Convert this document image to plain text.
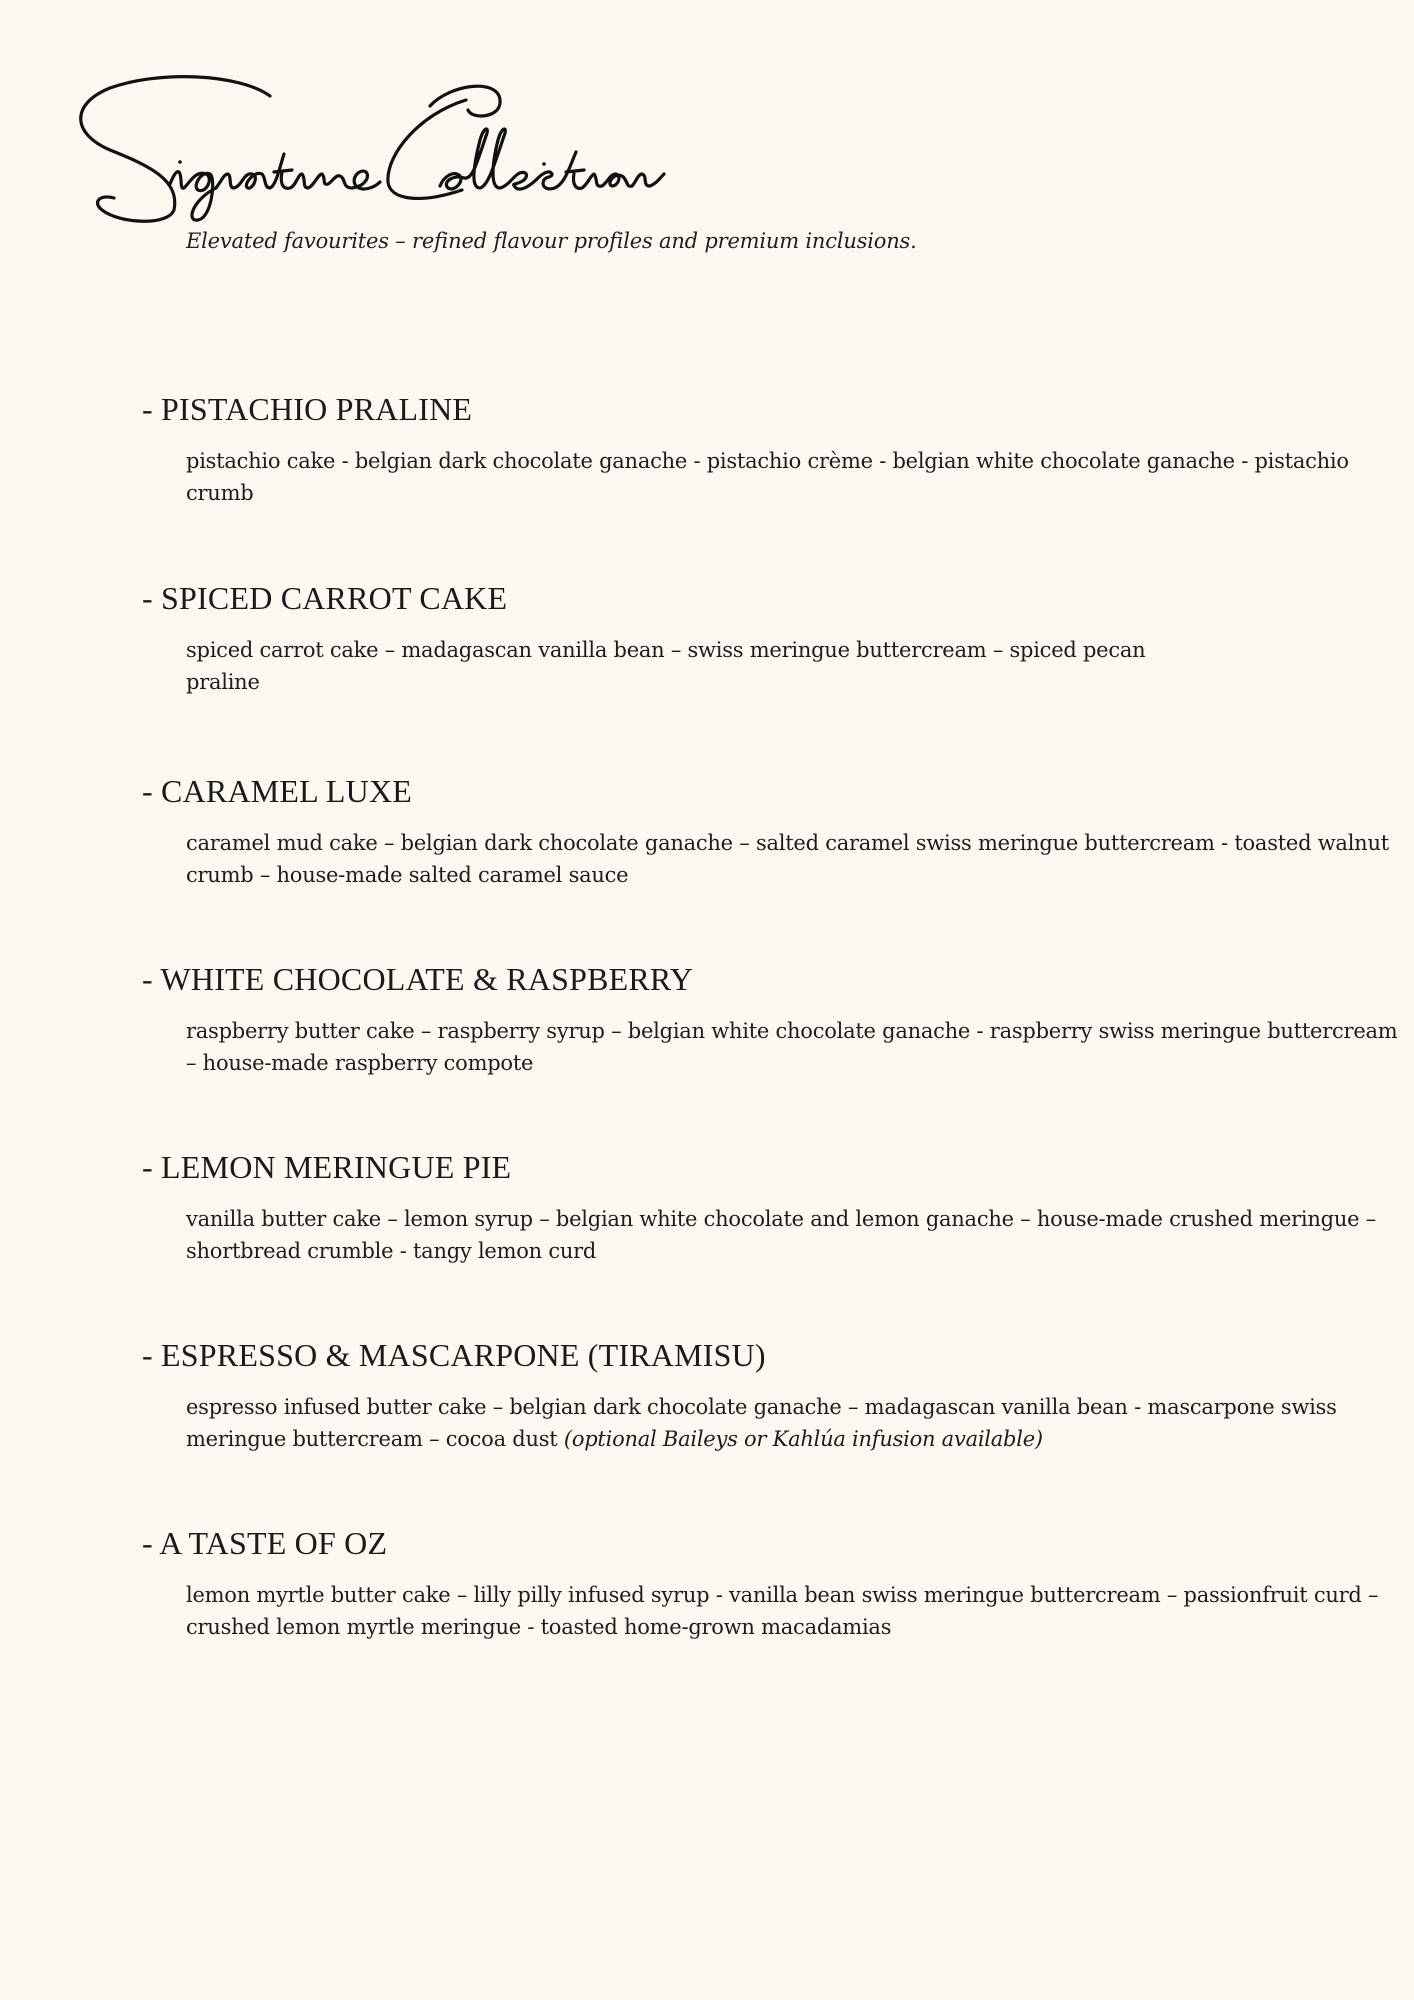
Elevated favourites – refined flavour profiles and premium inclusions.

- PISTACHIO PRALINE

pistachio cake - belgian dark chocolate ganache - pistachio crème - belgian white chocolate ganache - pistachio crumb

- SPICED CARROT CAKE

spiced carrot cake – madagascan vanilla bean – swiss meringue buttercream – spiced pecan praline

- CARAMEL LUXE

caramel mud cake – belgian dark chocolate ganache – salted caramel swiss meringue buttercream - toasted walnut crumb – house-made salted caramel sauce

- WHITE CHOCOLATE & RASPBERRY

raspberry butter cake – raspberry syrup – belgian white chocolate ganache - raspberry swiss meringue buttercream – house-made raspberry compote

- LEMON MERINGUE PIE

vanilla butter cake – lemon syrup – belgian white chocolate and lemon ganache – house-made crushed meringue – shortbread crumble - tangy lemon curd

- ESPRESSO & MASCARPONE (TIRAMISU)

espresso infused butter cake – belgian dark chocolate ganache – madagascan vanilla bean - mascarpone swiss meringue buttercream – cocoa dust (optional Baileys or Kahlúa infusion available)

- A TASTE OF OZ

lemon myrtle butter cake – lilly pilly infused syrup - vanilla bean swiss meringue buttercream – passionfruit curd – crushed lemon myrtle meringue - toasted home-grown macadamias
